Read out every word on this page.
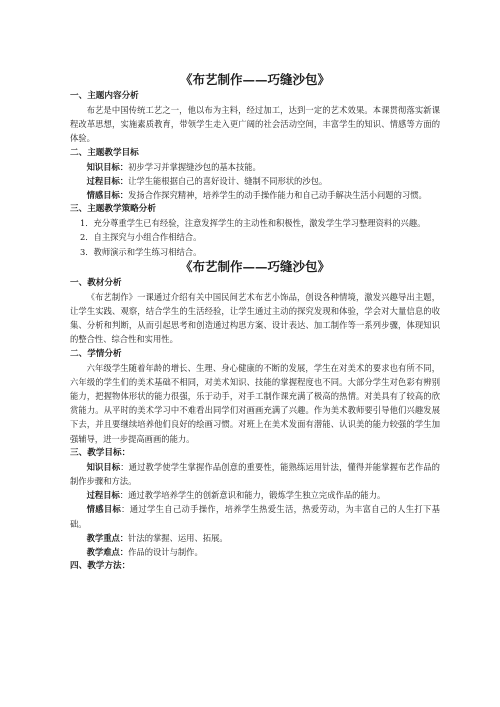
《布艺制作——巧缝沙包》
一、主题内容分析

布艺是中国传统工艺之一，他以布为主料，经过加工，达到一定的艺术效果。本课贯彻落实新课程改革思想，实施素质教育，带领学生走入更广阔的社会活动空间，丰富学生的知识、情感等方面的体验。

二、主题教学目标

知识目标：初步学习并掌握缝沙包的基本技能。

过程目标：让学生能根据自己的喜好设计、缝制不同形状的沙包。

情感目标：发扬合作探究精神，培养学生的动手操作能力和自己动手解决生活小问题的习惯。

三、主题教学策略分析

1．充分尊重学生已有经验，注意发挥学生的主动性和积极性，激发学生学习整理资料的兴趣。

2．自主探究与小组合作相结合。

3．教师演示和学生练习相结合。

《布艺制作——巧缝沙包》
一、教材分析

《布艺制作》一课通过介绍有关中国民间艺术布艺小饰品，创设各种情境，激发兴趣导出主题，让学生实践、观察，结合学生的生活经验，让学生通过主动的探究发现和体验，学会对大量信息的收集、分析和判断，从而引起思考和创造通过构思方案、设计表达、加工制作等一系列步骤，体现知识的整合性、综合性和实用性。

二、学情分析

六年级学生随着年龄的增长、生理、身心健康的不断的发展，学生在对美术的要求也有所不同，六年级的学生们的美术基础不相同，对美术知识、技能的掌握程度也不同。大部分学生对色彩有辨别能力，把握物体形状的能力很强，乐于动手，对手工制作课充满了极高的热情。对美具有了较高的欣赏能力。从平时的美术学习中不难看出同学们对画画充满了兴趣。作为美术教师要引导他们兴趣发展下去，并且要继续培养他们良好的绘画习惯。对班上在美术发面有潜能、认识美的能力较强的学生加强辅导，进一步提高画画的能力。

三、教学目标：

知识目标：通过教学使学生掌握作品创意的重要性，能熟练运用针法，懂得并能掌握布艺作品的制作步骤和方法。

过程目标：通过教学培养学生的创新意识和能力，锻炼学生独立完成作品的能力。

情感目标：通过学生自己动手操作，培养学生热爱生活，热爱劳动，为丰富自己的人生打下基础。

教学重点：针法的掌握、运用、拓展。

教学难点：作品的设计与制作。

四、教学方法：
